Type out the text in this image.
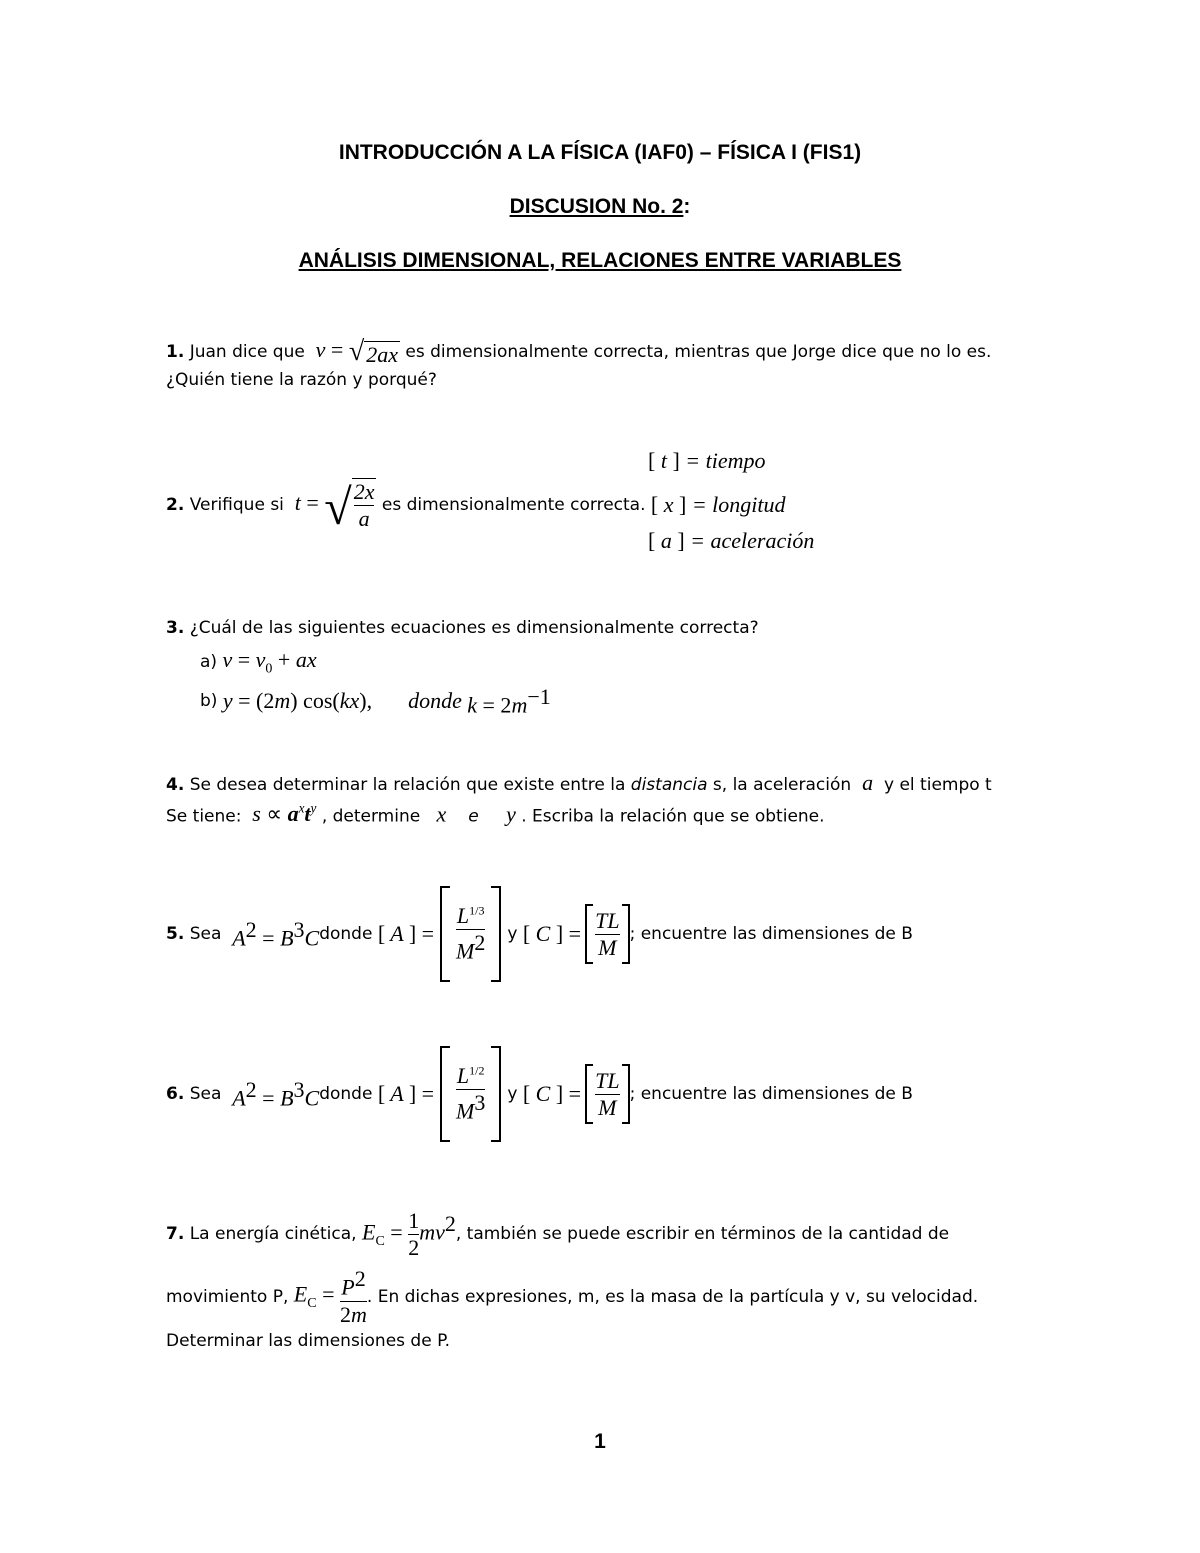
INTRODUCCIÓN A LA FÍSICA (IAF0) – FÍSICA I (FIS1)
DISCUSION No. 2:
ANÁLISIS DIMENSIONAL, RELACIONES ENTRE VARIABLES
1.
Juan dice que
v = √ 2ax
es dimensionalmente correcta, mientras que Jorge dice que no lo es.
¿Quién tiene la razón y porqué?
[ t ] = tiempo
2.
Verifique si
t = √ $\frac{2x}{a}$
es dimensionalmente correcta.
[ x ] = longitud
[ a ] = aceleración
3. ¿Cuál de las siguientes ecuaciones es dimensionalmente correcta?
a)
$v = v_0$ + ax
b)
y = (2m) cos(kx), donde
$k = 2m^{-1}$
4. Se desea determinar la relación que existe entre la distancia s, la aceleración  a  y el tiempo t
Se tiene: $s \propto a^xt^y$ , determine   x    e     y . Escriba la relación que se obtiene.
5.
Sea
$A^2 = B^3C$ donde
[ A ] = $\frac{L^{1/3}}{M^2}$ y
[ C ] = $\frac{TL}{M}$ ; encuentre las dimensiones de B
6.
Sea
$A^2 = B^3C$ donde
[ A ] = $\frac{L^{1/2}}{M^3}$ y
[ C ] = $\frac{TL}{M}$ ; encuentre las dimensiones de B
7.
La energía cinética,
$E_C = \frac{1}{2} mv^2$ , también se puede escribir en términos de la cantidad de
movimiento P,
$E_C = \frac{P^2}{2m}$ . En dichas expresiones, m, es la masa de la partícula y v, su velocidad.
Determinar las dimensiones de P.
1
